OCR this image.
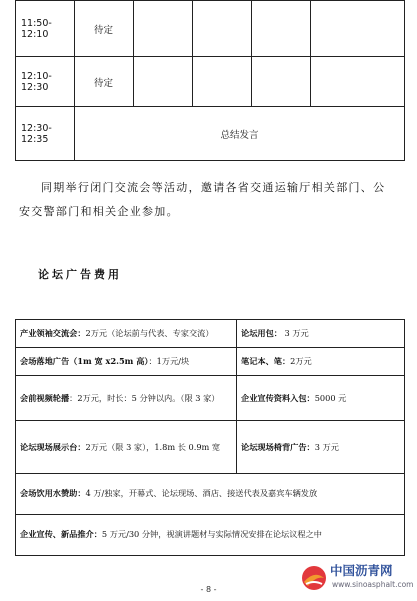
11:50-12:10	待定				
12:10-12:30	待定				
12:30-12:35	总结发言				

同期举行闭门交流会等活动，邀请各省交通运输厅相关部门、公安交警部门和相关企业参加。

论坛广告费用
产业领袖交流会：2万元（论坛前与代表、专家交流）	论坛用包： 3 万元
会场落地广告（1m 宽 x2.5m 高）：1万元/块	笔记本、笔：2万元
会前视频轮播：2万元，时长：5 分钟以内。（限 3 家）	企业宣传资料入包：5000 元
论坛现场展示台：2万元（限 3 家），1.8m 长 0.9m 宽	论坛现场椅背广告：3 万元
会场饮用水赞助：4 万/独家，开幕式、论坛现场、酒店、接送代表及嘉宾车辆发放	
企业宣传、新品推介：5 万元/30 分钟，视演讲题材与实际情况安排在论坛议程之中	
- 8 -
中国沥青网
www.sinoasphalt.com
